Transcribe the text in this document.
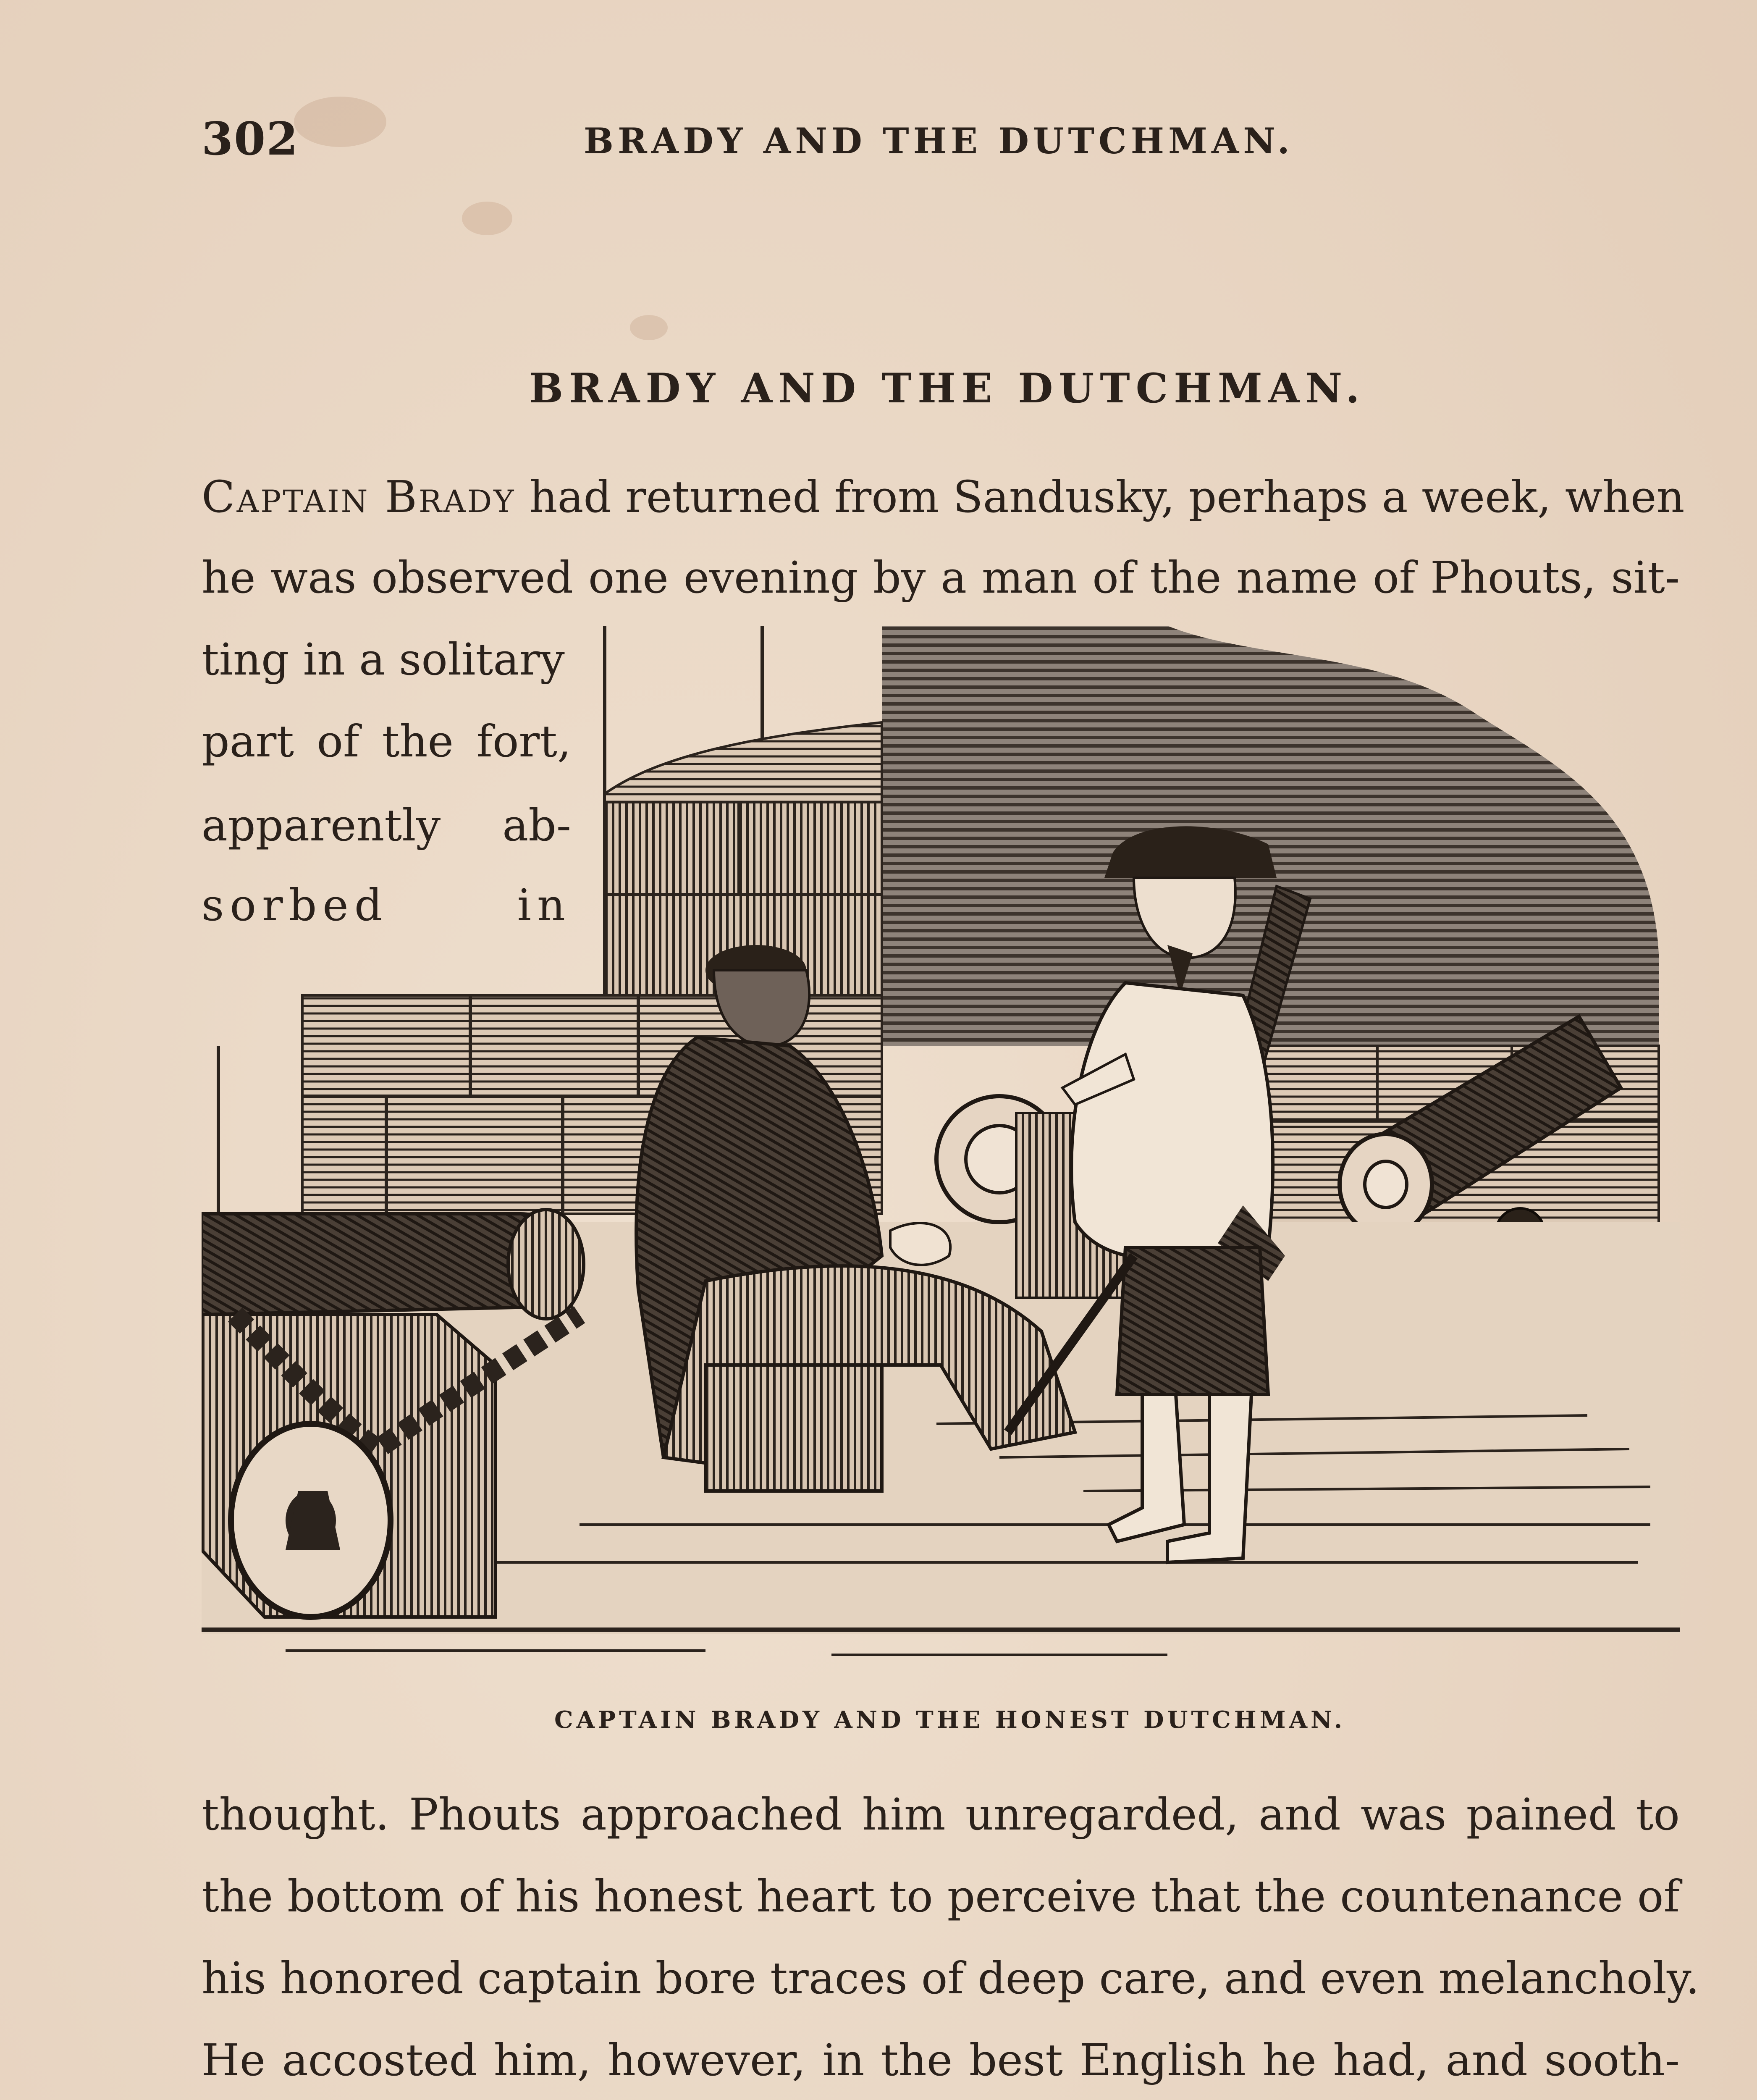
302	BRADY AND THE DUTCHMAN.
BRADY AND THE DUTCHMAN.
Captain Brady had returned from Sandusky, perhaps a week, when
he was observed one evening by a man of the name of Phouts, sit-
ting in a solitary
part of the fort,
apparently ab-
sorbed in
CAPTAIN BRADY AND THE HONEST DUTCHMAN.
thought. Phouts approached him unregarded, and was pained to
the bottom of his honest heart to perceive that the countenance of
his honored captain bore traces of deep care, and even melancholy.
He accosted him, however, in the best English he had, and sooth-
